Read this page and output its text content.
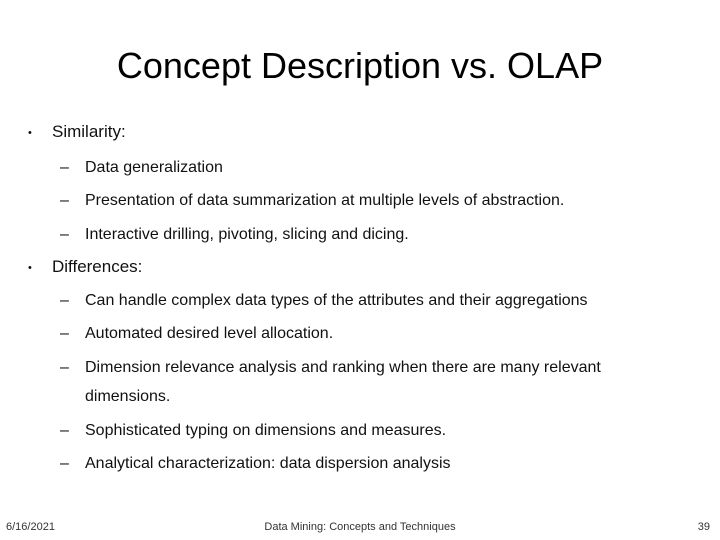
Concept Description vs. OLAP
• Similarity:
– Data generalization
– Presentation of data summarization at multiple levels of abstraction.
– Interactive drilling, pivoting, slicing and dicing.
• Differences:
– Can handle complex data types of the attributes and their aggregations
– Automated desired level allocation.
– Dimension relevance analysis and ranking when there are many relevant dimensions.
– Sophisticated typing on dimensions and measures.
– Analytical characterization: data dispersion analysis
6/16/2021	Data Mining: Concepts and Techniques	39
